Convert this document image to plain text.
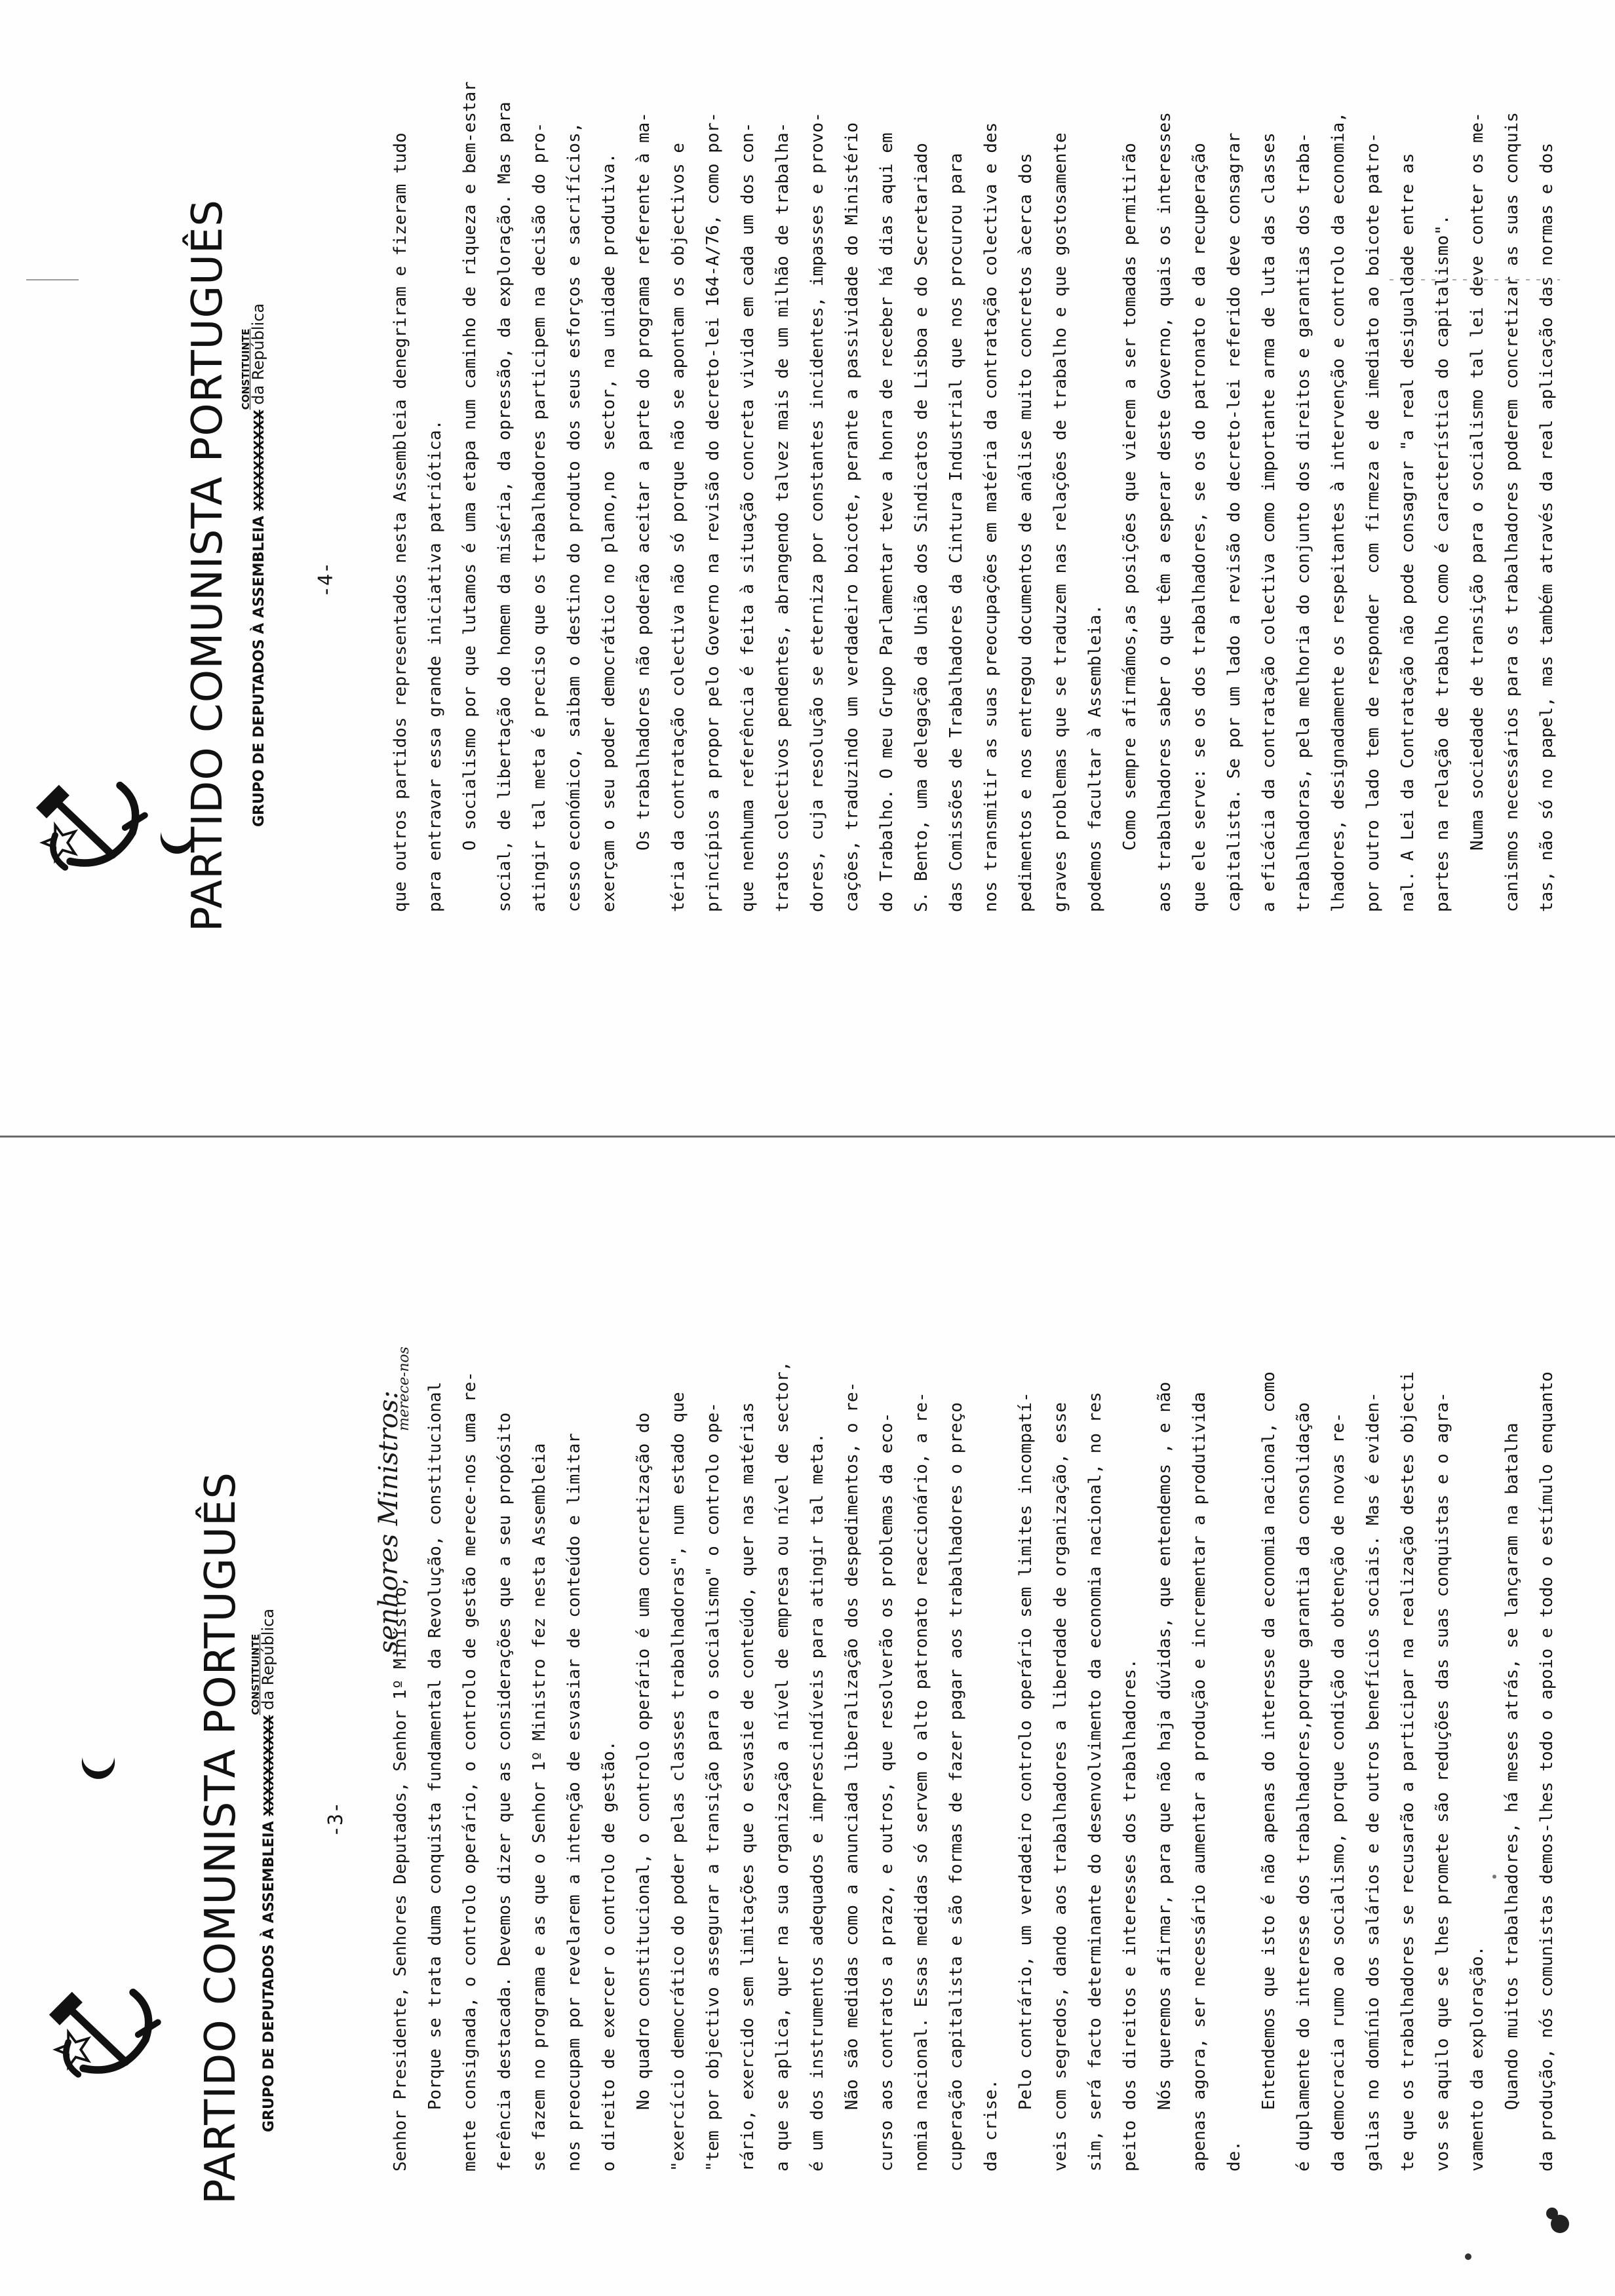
PARTIDO COMUNISTA PORTUGUÊS GRUPO DE DEPUTADOS À ASSEMBLEIA XXXXXXXXXXCONSTITUINTE da República
-3-
senhores Ministros:
merece-nos
Senhor Presidente, Senhores Deputados, Senhor 1º Ministro, Porque se trata duma conquista fundamental da Revolução, constitucional mente consignada, o controlo operário, o controlo de gestão merece-nos uma re- ferência destacada. Devemos dizer que as considerações que a seu propósito se fazem no programa e as que o Senhor 1º Ministro fez nesta Assembleia nos preocupam por revelarem a intenção de esvasiar de conteúdo e limitar o direito de exercer o controlo de gestão. No quadro constitucional, o controlo operário é uma concretização do "exercício democrático do poder pelas classes trabalhadoras", num estado que "tem por objectivo assegurar a transição para o socialismo" o controlo ope- rário, exercido sem limitações que o esvasie de conteúdo, quer nas matérias a que se aplica, quer na sua organização a nível de empresa ou nível de sector, é um dos instrumentos adequados e imprescindíveis para atingir tal meta. Não são medidas como a anunciada liberalização dos despedimentos, o re- curso aos contratos a prazo, e outros, que resolverão os problemas da eco- nomia nacional. Essas medidas só servem o alto patronato reaccionário, a re- cuperação capitalista e são formas de fazer pagar aos trabalhadores o preço da crise. Pelo contrário, um verdadeiro controlo operário sem limites incompatí- veis com segredos, dando aos trabalhadores a liberdade de organização, esse sim, será facto determinante do desenvolvimento da economia nacional, no res peito dos direitos e interesses dos trabalhadores. Nós queremos afirmar, para que não haja dúvidas, que entendemos , e não apenas agora, ser necessário aumentar a produção e incrementar a produtivida de. Entendemos que isto é não apenas do interesse da economia nacional, como é duplamente do interesse dos trabalhadores,porque garantia da consolidação da democracia rumo ao socialismo, porque condição da obtenção de novas re- galias no domínio dos salários e de outros benefícios sociais. Mas é eviden- te que os trabalhadores se recusarão a participar na realização destes objecti vos se aquilo que se lhes promete são reduções das suas conquistas e o agra- vamento da exploração. Quando muitos trabalhadores, há meses atrás, se lançaram na batalha da produção, nós comunistas demos-lhes todo o apoio e todo o estímulo enquanto
PARTIDO COMUNISTA PORTUGUÊS GRUPO DE DEPUTADOS À ASSEMBLEIA XXXXXXXXXXCONSTITUINTE da República
-4-	que outros partidos representados nesta Assembleia denegriram e fizeram tudo para entravar essa grande iniciativa patriótica. O socialismo por que lutamos é uma etapa num caminho de riqueza e bem-estar social, de libertação do homem da miséria, da opressão, da exploração. Mas para atingir tal meta é preciso que os trabalhadores participem na decisão do pro- cesso económico, saibam o destino do produto dos seus esforços e sacrifícios, exerçam o seu poder democrático no plano,no  sector, na unidade produtiva. Os trabalhadores não poderão aceitar a parte do programa referente à ma- téria da contratação colectiva não só porque não se apontam os objectivos e princípios a propor pelo Governo na revisão do decreto-lei 164-A/76, como por- que nenhuma referência é feita à situação concreta vivida em cada um dos con- tratos colectivos pendentes, abrangendo talvez mais de um milhão de trabalha- dores, cuja resolução se eterniza por constantes incidentes, impasses e provo- cações, traduzindo um verdadeiro boicote, perante a passividade do Ministério do Trabalho. O meu Grupo Parlamentar teve a honra de receber há dias aqui em S. Bento, uma delegação da União dos Sindicatos de Lisboa e do Secretariado das Comissões de Trabalhadores da Cintura Industrial que nos procurou para nos transmitir as suas preocupações em matéria da contratação colectiva e des pedimentos e nos entregou documentos de análise muito concretos àcerca dos graves problemas que se traduzem nas relações de trabalho e que gostosamente podemos facultar à Assembleia. Como sempre afirmámos,as posições que vierem a ser tomadas permitirão aos trabalhadores saber o que têm a esperar deste Governo, quais os interesses que ele serve: se os dos trabalhadores, se os do patronato e da recuperação capitalista. Se por um lado a revisão do decreto-lei referido deve consagrar a eficácia da contratação colectiva como importante arma de luta das classes trabalhadoras, pela melhoria do conjunto dos direitos e garantias dos traba- lhadores, designadamente os respeitantes à intervenção e controlo da economia, por outro lado tem de responder  com firmeza e de imediato ao boicote patro- nal. A Lei da Contratação não pode consagrar "a real desigualdade entre as partes na relação de trabalho como é característica do capitalismo". Numa sociedade de transição para o socialismo tal lei deve conter os me- canismos necessários para os trabalhadores poderem concretizar as suas conquis tas, não só no papel, mas também através da real aplicação das normas e dos
